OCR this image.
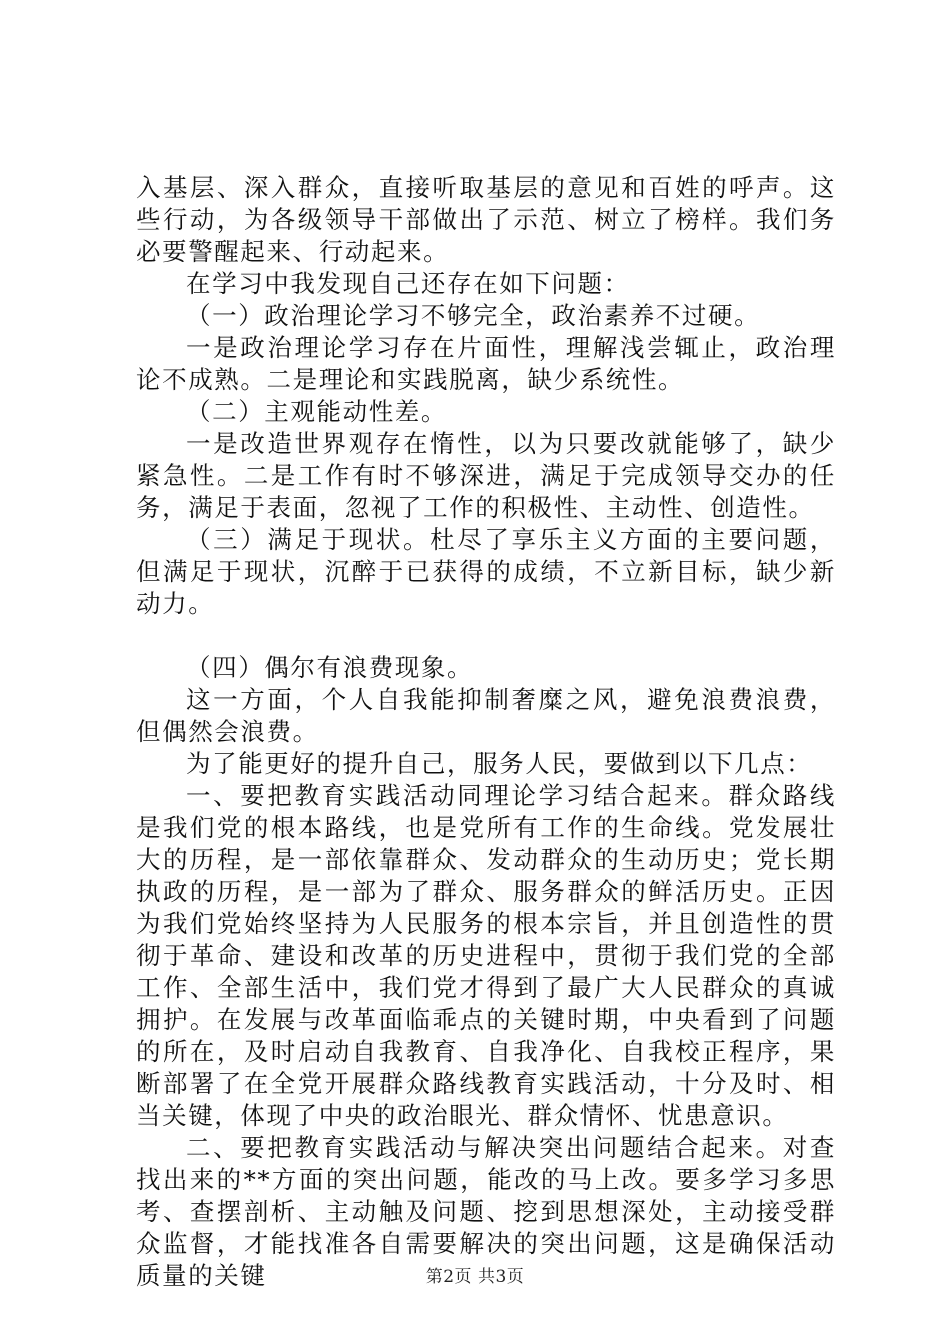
入基层、深入群众，直接听取基层的意见和百姓的呼声。这些行动，为各级领导干部做出了示范、树立了榜样。我们务必要警醒起来、行动起来。

在学习中我发现自己还存在如下问题：

（一）政治理论学习不够完全，政治素养不过硬。

一是政治理论学习存在片面性，理解浅尝辄止，政治理论不成熟。二是理论和实践脱离，缺少系统性。

（二）主观能动性差。

一是改造世界观存在惰性，以为只要改就能够了，缺少紧急性。二是工作有时不够深进，满足于完成领导交办的任务，满足于表面，忽视了工作的积极性、主动性、创造性。

（三）满足于现状。杜尽了享乐主义方面的主要问题，但满足于现状，沉醉于已获得的成绩，不立新目标，缺少新动力。

（四）偶尔有浪费现象。

这一方面，个人自我能抑制奢糜之风，避免浪费浪费，但偶然会浪费。

为了能更好的提升自己，服务人民，要做到以下几点：

一、要把教育实践活动同理论学习结合起来。群众路线是我们党的根本路线，也是党所有工作的生命线。党发展壮大的历程，是一部依靠群众、发动群众的生动历史；党长期执政的历程，是一部为了群众、服务群众的鲜活历史。正因为我们党始终坚持为人民服务的根本宗旨，并且创造性的贯彻于革命、建设和改革的历史进程中，贯彻于我们党的全部工作、全部生活中，我们党才得到了最广大人民群众的真诚拥护。在发展与改革面临乖点的关键时期，中央看到了问题的所在，及时启动自我教育、自我净化、自我校正程序，果断部署了在全党开展群众路线教育实践活动，十分及时、相当关键，体现了中央的政治眼光、群众情怀、忧患意识。

二、要把教育实践活动与解决突出问题结合起来。对查找出来的**方面的突出问题，能改的马上改。要多学习多思考、查摆剖析、主动触及问题、挖到思想深处，主动接受群众监督，才能找准各自需要解决的突出问题，这是确保活动质量的关键	第2页 共3页
